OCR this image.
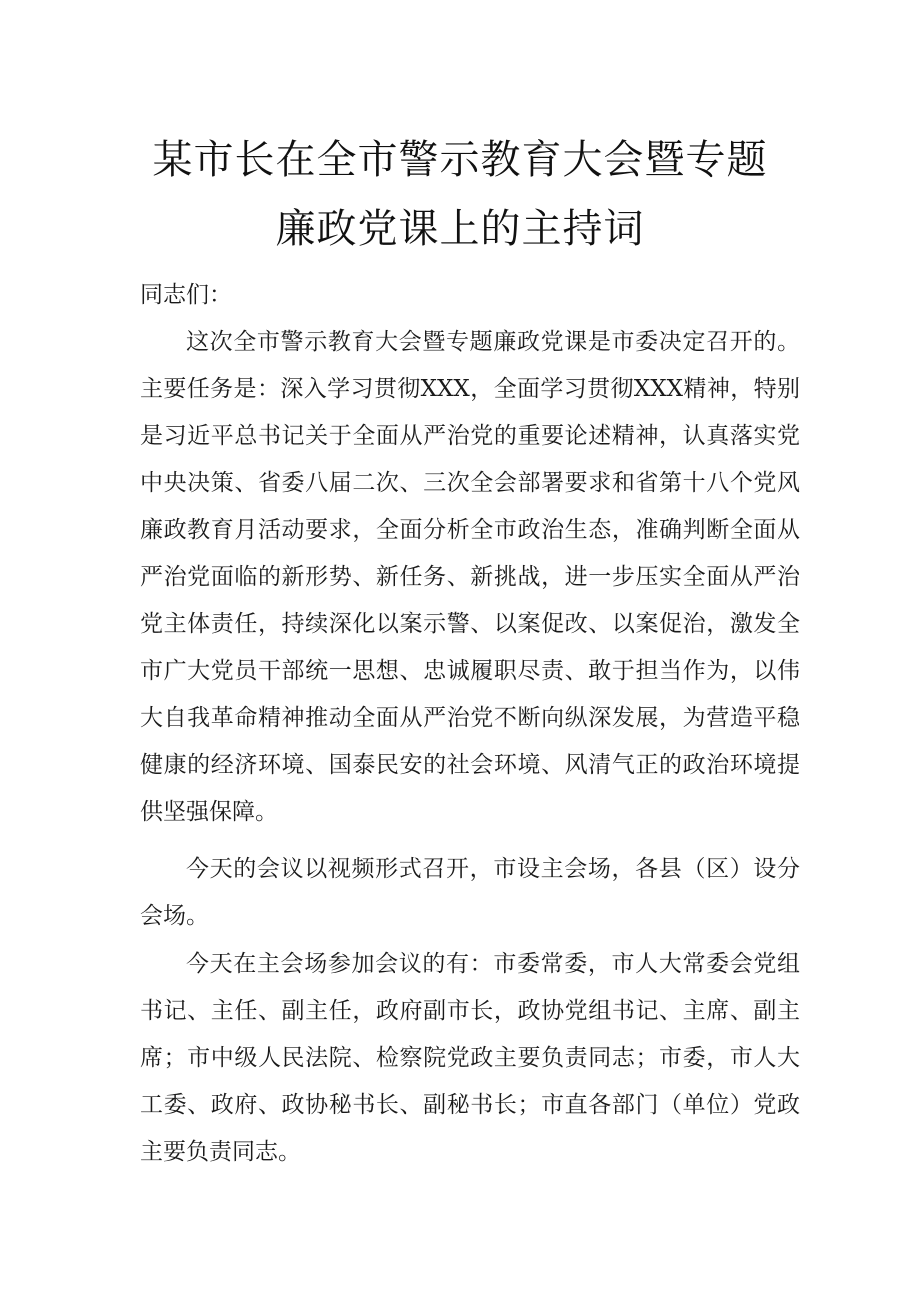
某市长在全市警示教育大会暨专题
廉政党课上的主持词
同志们：
这次全市警示教育大会暨专题廉政党课是市委决定召开的。主要任务是：深入学习贯彻XXX，全面学习贯彻XXX精神，特别是习近平总书记关于全面从严治党的重要论述精神，认真落实党中央决策、省委八届二次、三次全会部署要求和省第十八个党风廉政教育月活动要求，全面分析全市政治生态，准确判断全面从严治党面临的新形势、新任务、新挑战，进一步压实全面从严治党主体责任，持续深化以案示警、以案促改、以案促治，激发全市广大党员干部统一思想、忠诚履职尽责、敢于担当作为，以伟大自我革命精神推动全面从严治党不断向纵深发展，为营造平稳健康的经济环境、国泰民安的社会环境、风清气正的政治环境提供坚强保障。
今天的会议以视频形式召开，市设主会场，各县（区）设分会场。
今天在主会场参加会议的有：市委常委，市人大常委会党组书记、主任、副主任，政府副市长，政协党组书记、主席、副主席；市中级人民法院、检察院党政主要负责同志；市委，市人大工委、政府、政协秘书长、副秘书长；市直各部门（单位）党政主要负责同志。
